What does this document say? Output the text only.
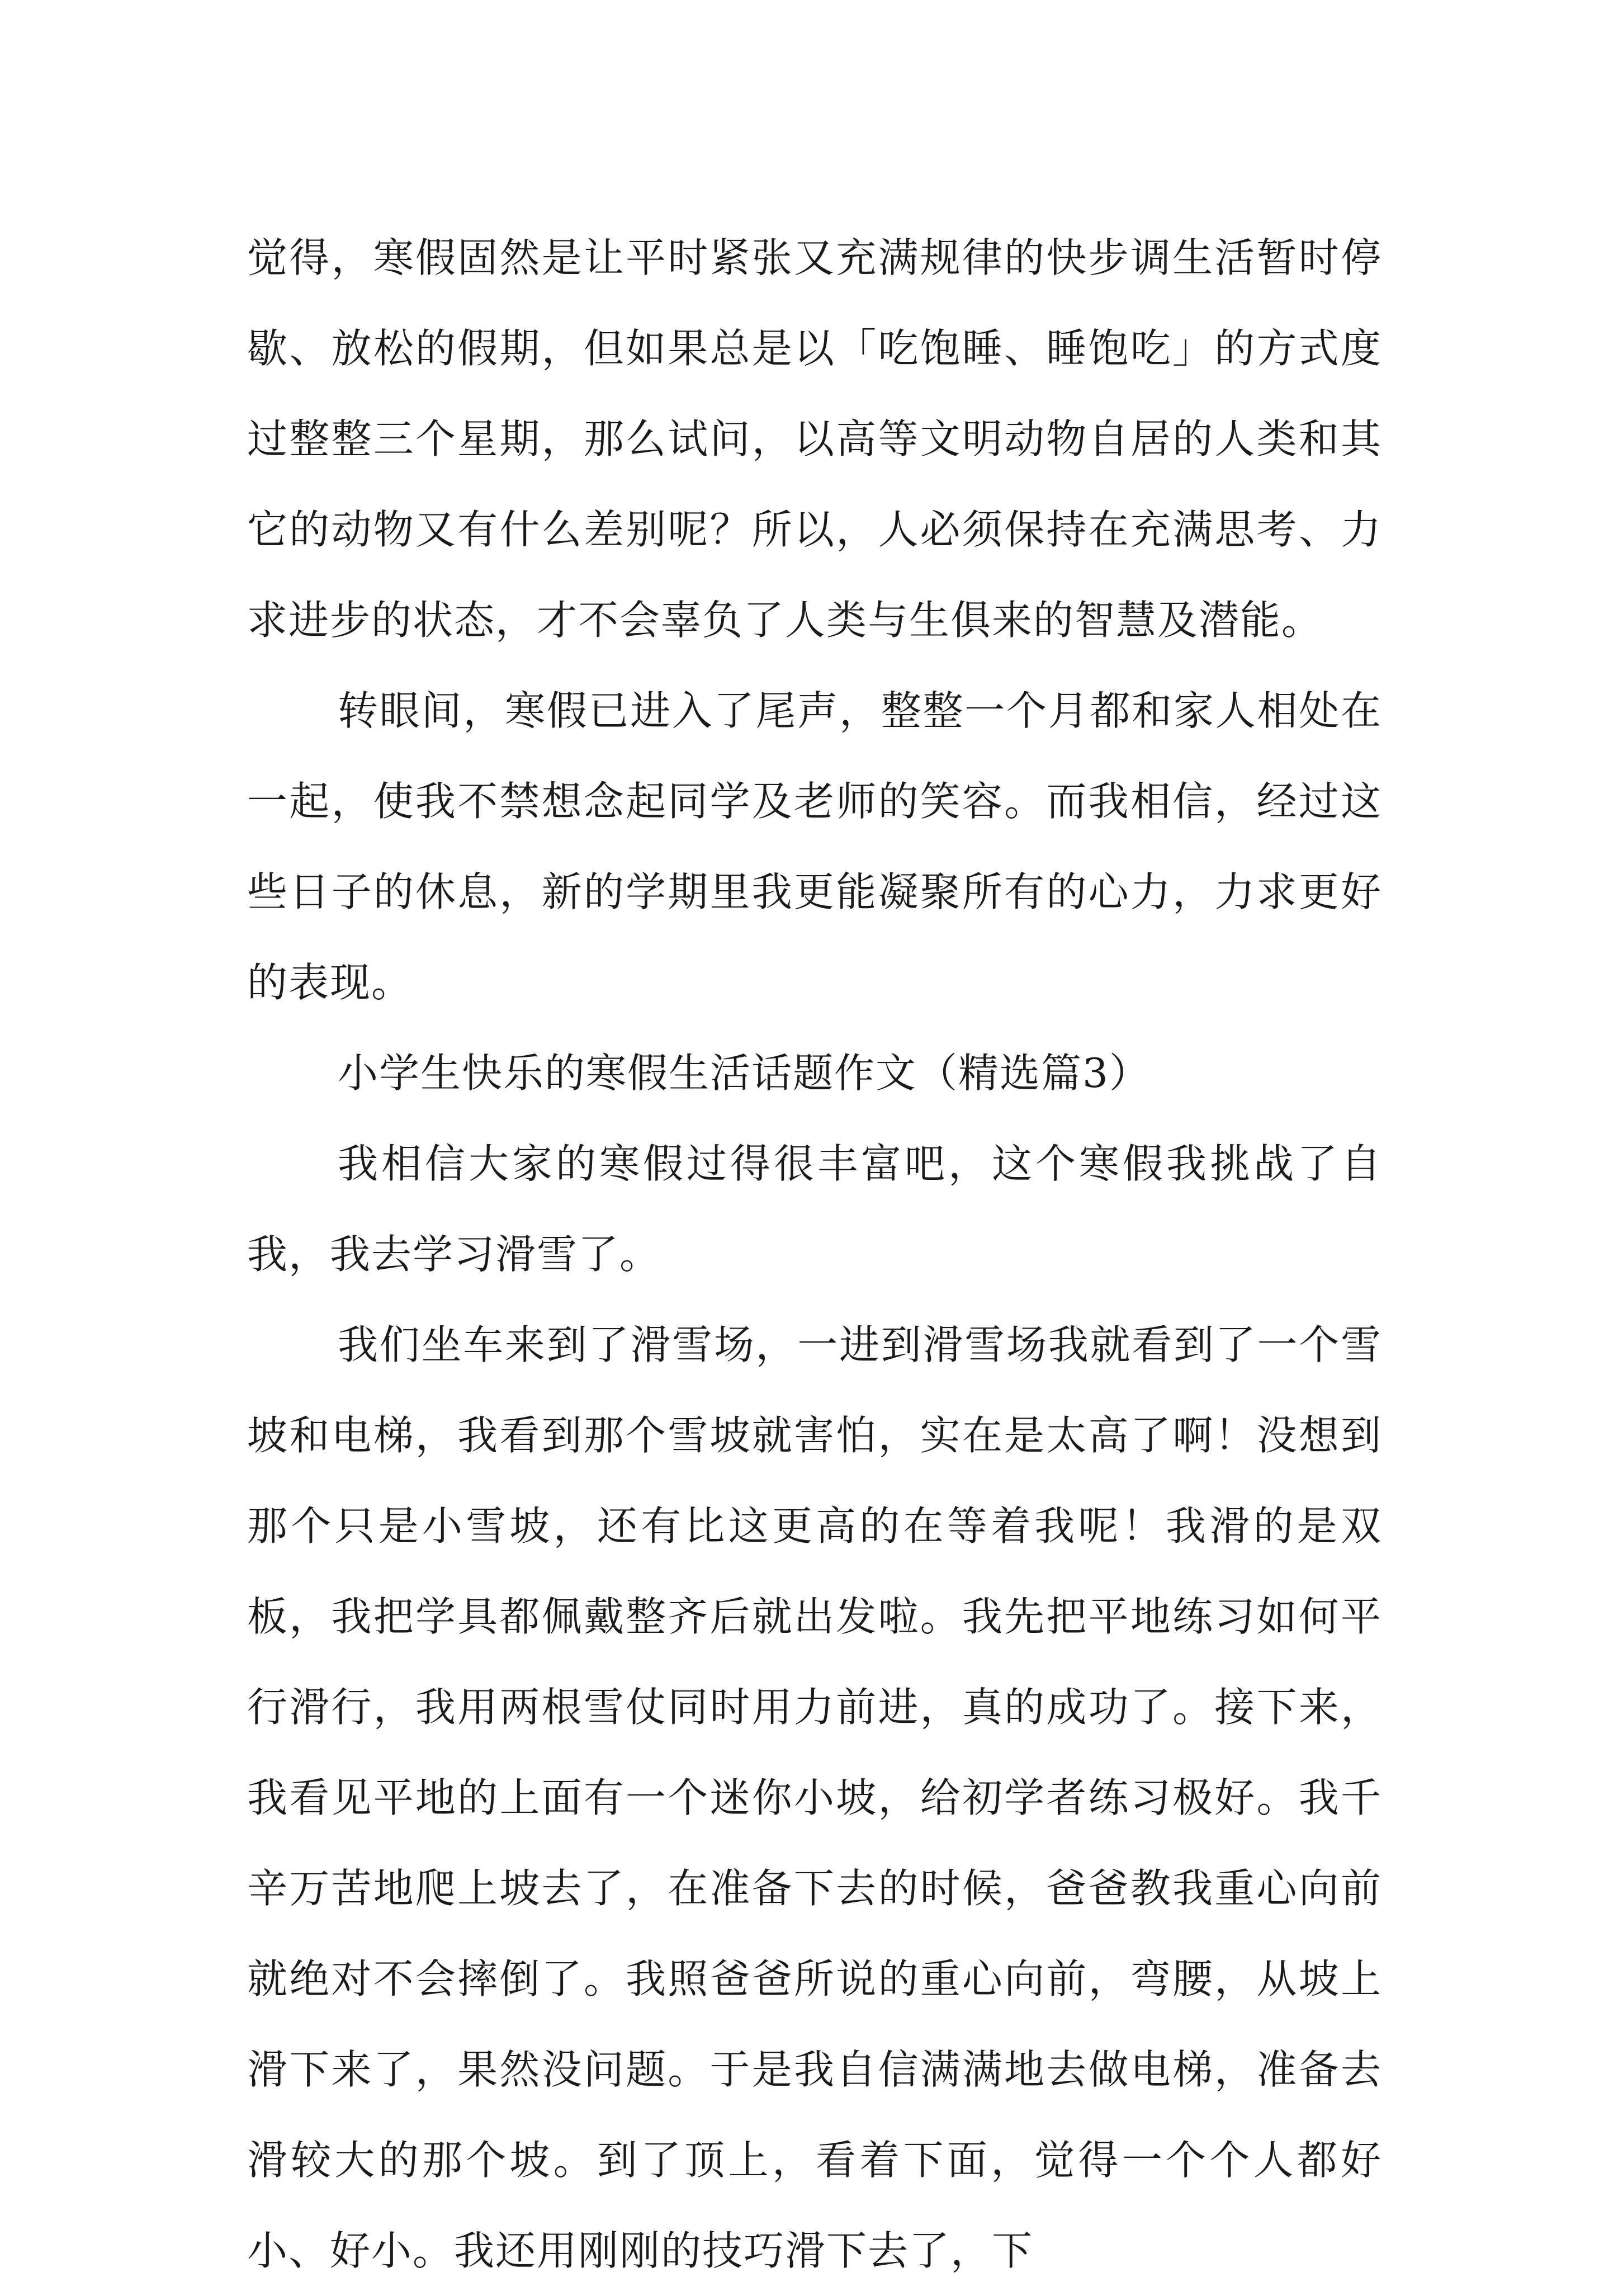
觉得，寒假固然是让平时紧张又充满规律的快步调生活暂时停歇、放松的假期，但如果总是以「吃饱睡、睡饱吃」的方式度过整整三个星期，那么试问，以高等文明动物自居的人类和其它的动物又有什么差别呢？所以，人必须保持在充满思考、力求进步的状态，才不会辜负了人类与生俱来的智慧及潜能。

转眼间，寒假已进入了尾声，整整一个月都和家人相处在一起，使我不禁想念起同学及老师的笑容。而我相信，经过这些日子的休息，新的学期里我更能凝聚所有的心力，力求更好的表现。

小学生快乐的寒假生活话题作文（精选篇3）

我相信大家的寒假过得很丰富吧，这个寒假我挑战了自我，我去学习滑雪了。

我们坐车来到了滑雪场，一进到滑雪场我就看到了一个雪坡和电梯，我看到那个雪坡就害怕，实在是太高了啊！没想到那个只是小雪坡，还有比这更高的在等着我呢！我滑的是双板，我把学具都佩戴整齐后就出发啦。我先把平地练习如何平行滑行，我用两根雪仗同时用力前进，真的成功了。接下来，我看见平地的上面有一个迷你小坡，给初学者练习极好。我千辛万苦地爬上坡去了，在准备下去的时候，爸爸教我重心向前就绝对不会摔倒了。我照爸爸所说的重心向前，弯腰，从坡上滑下来了，果然没问题。于是我自信满满地去做电梯，准备去滑较大的那个坡。到了顶上，看着下面，觉得一个个人都好小、好小。我还用刚刚的技巧滑下去了，下
